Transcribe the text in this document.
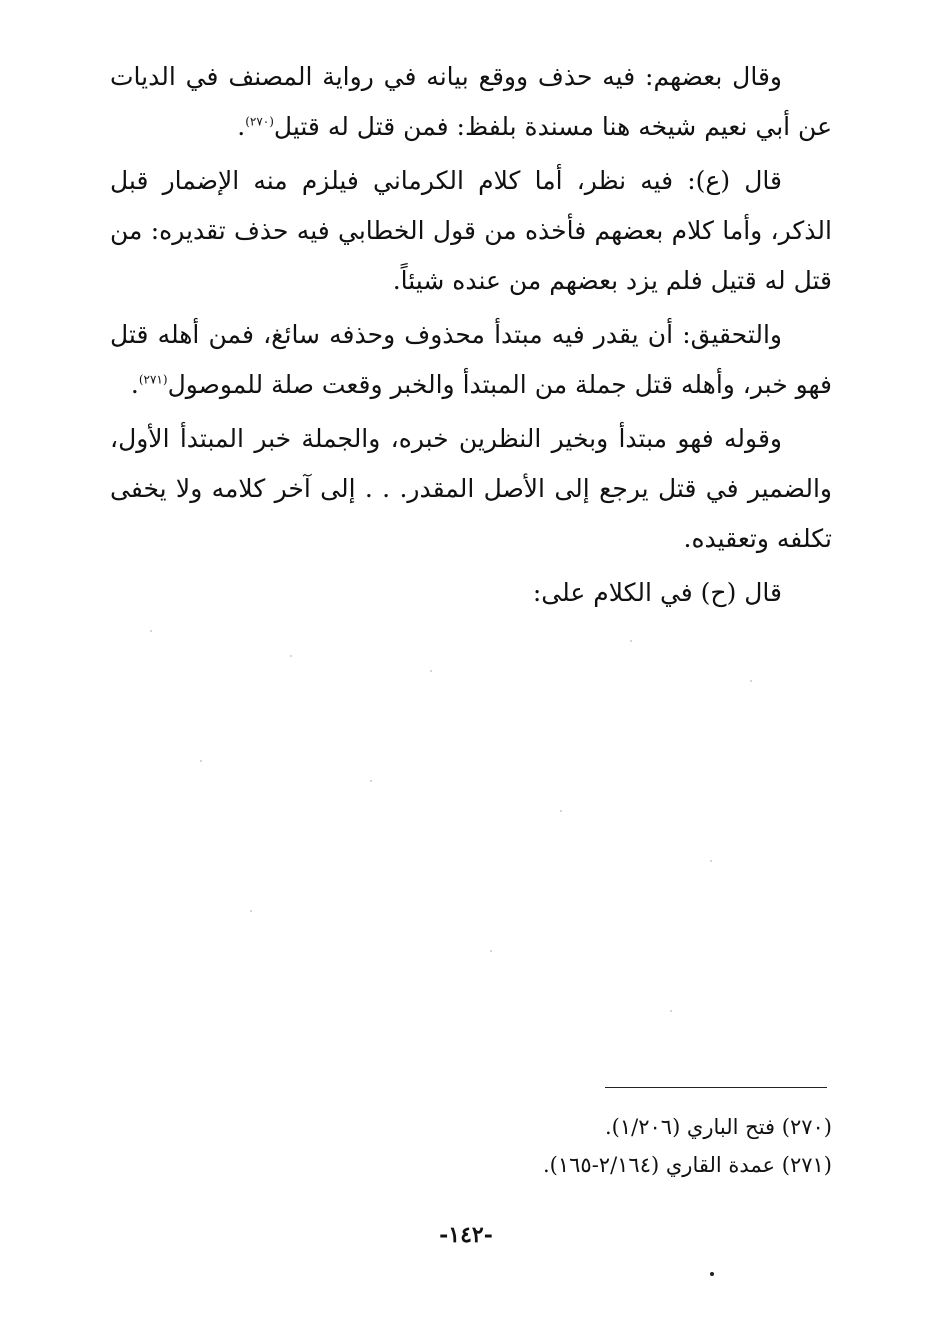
وقال بعضهم: فيه حذف ووقع بيانه في رواية المصنف في الديات عن أبي نعيم شيخه هنا مسندة بلفظ: فمن قتل له قتيل$^{(٢٧٠)}$.

قال (ع): فيه نظر، أما كلام الكرماني فيلزم منه الإضمار قبل الذكر، وأما كلام بعضهم فأخذه من قول الخطابي فيه حذف تقديره: من قتل له قتيل فلم يزد بعضهم من عنده شيئاً.

والتحقيق: أن يقدر فيه مبتدأ محذوف وحذفه سائغ، فمن أهله قتل فهو خبر، وأهله قتل جملة من المبتدأ والخبر وقعت صلة للموصول$^{(٢٧١)}$.

وقوله فهو مبتدأ وبخير النظرين خبره، والجملة خبر المبتدأ الأول، والضمير في قتل يرجع إلى الأصل المقدر. . . إلى آخر كلامه ولا يخفى تكلفه وتعقيده.

قال (ح) في الكلام على:

(٢٧٠) فتح الباري (١/٢٠٦).

(٢٧١) عمدة القاري (٢/١٦٤-١٦٥).

-١٤٢-
